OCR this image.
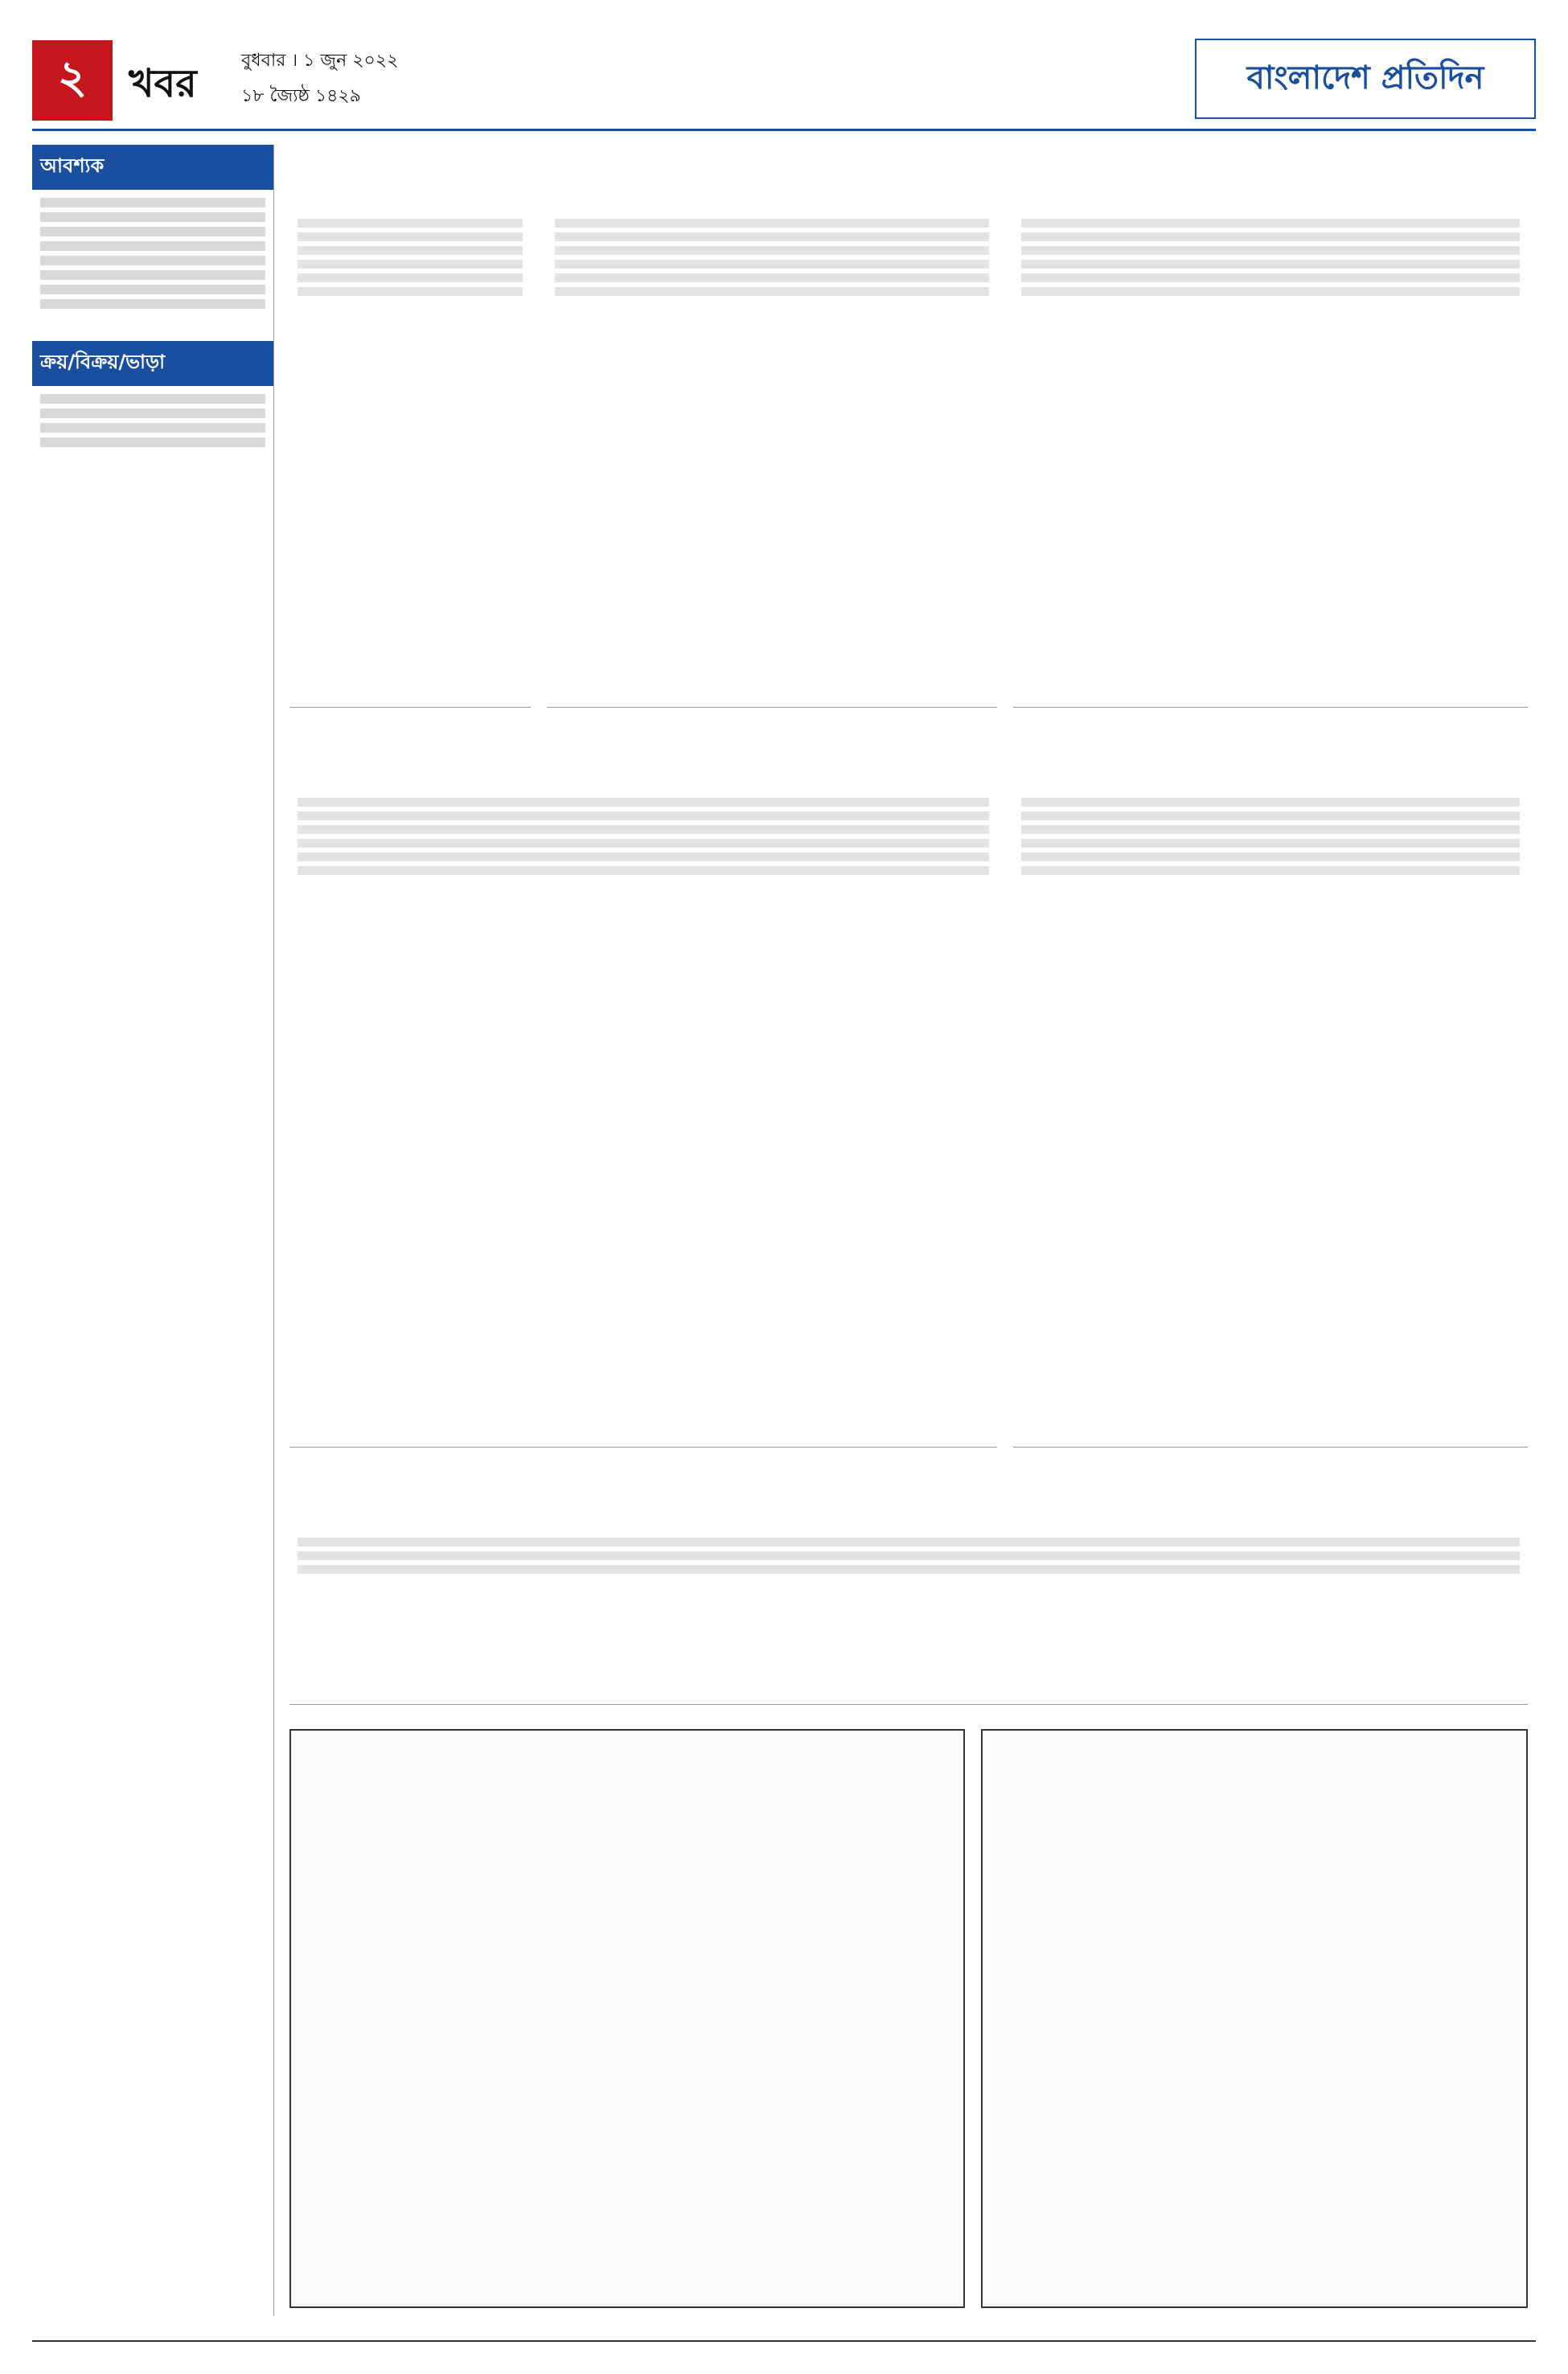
২	খবর
বুধবার । ১ জুন ২০২২
১৮ জ্যৈষ্ঠ ১৪২৯	বাংলাদেশ প্রতিদিন
আবশ্যক
ক্রয়/বিক্রয়/ভাড়া
